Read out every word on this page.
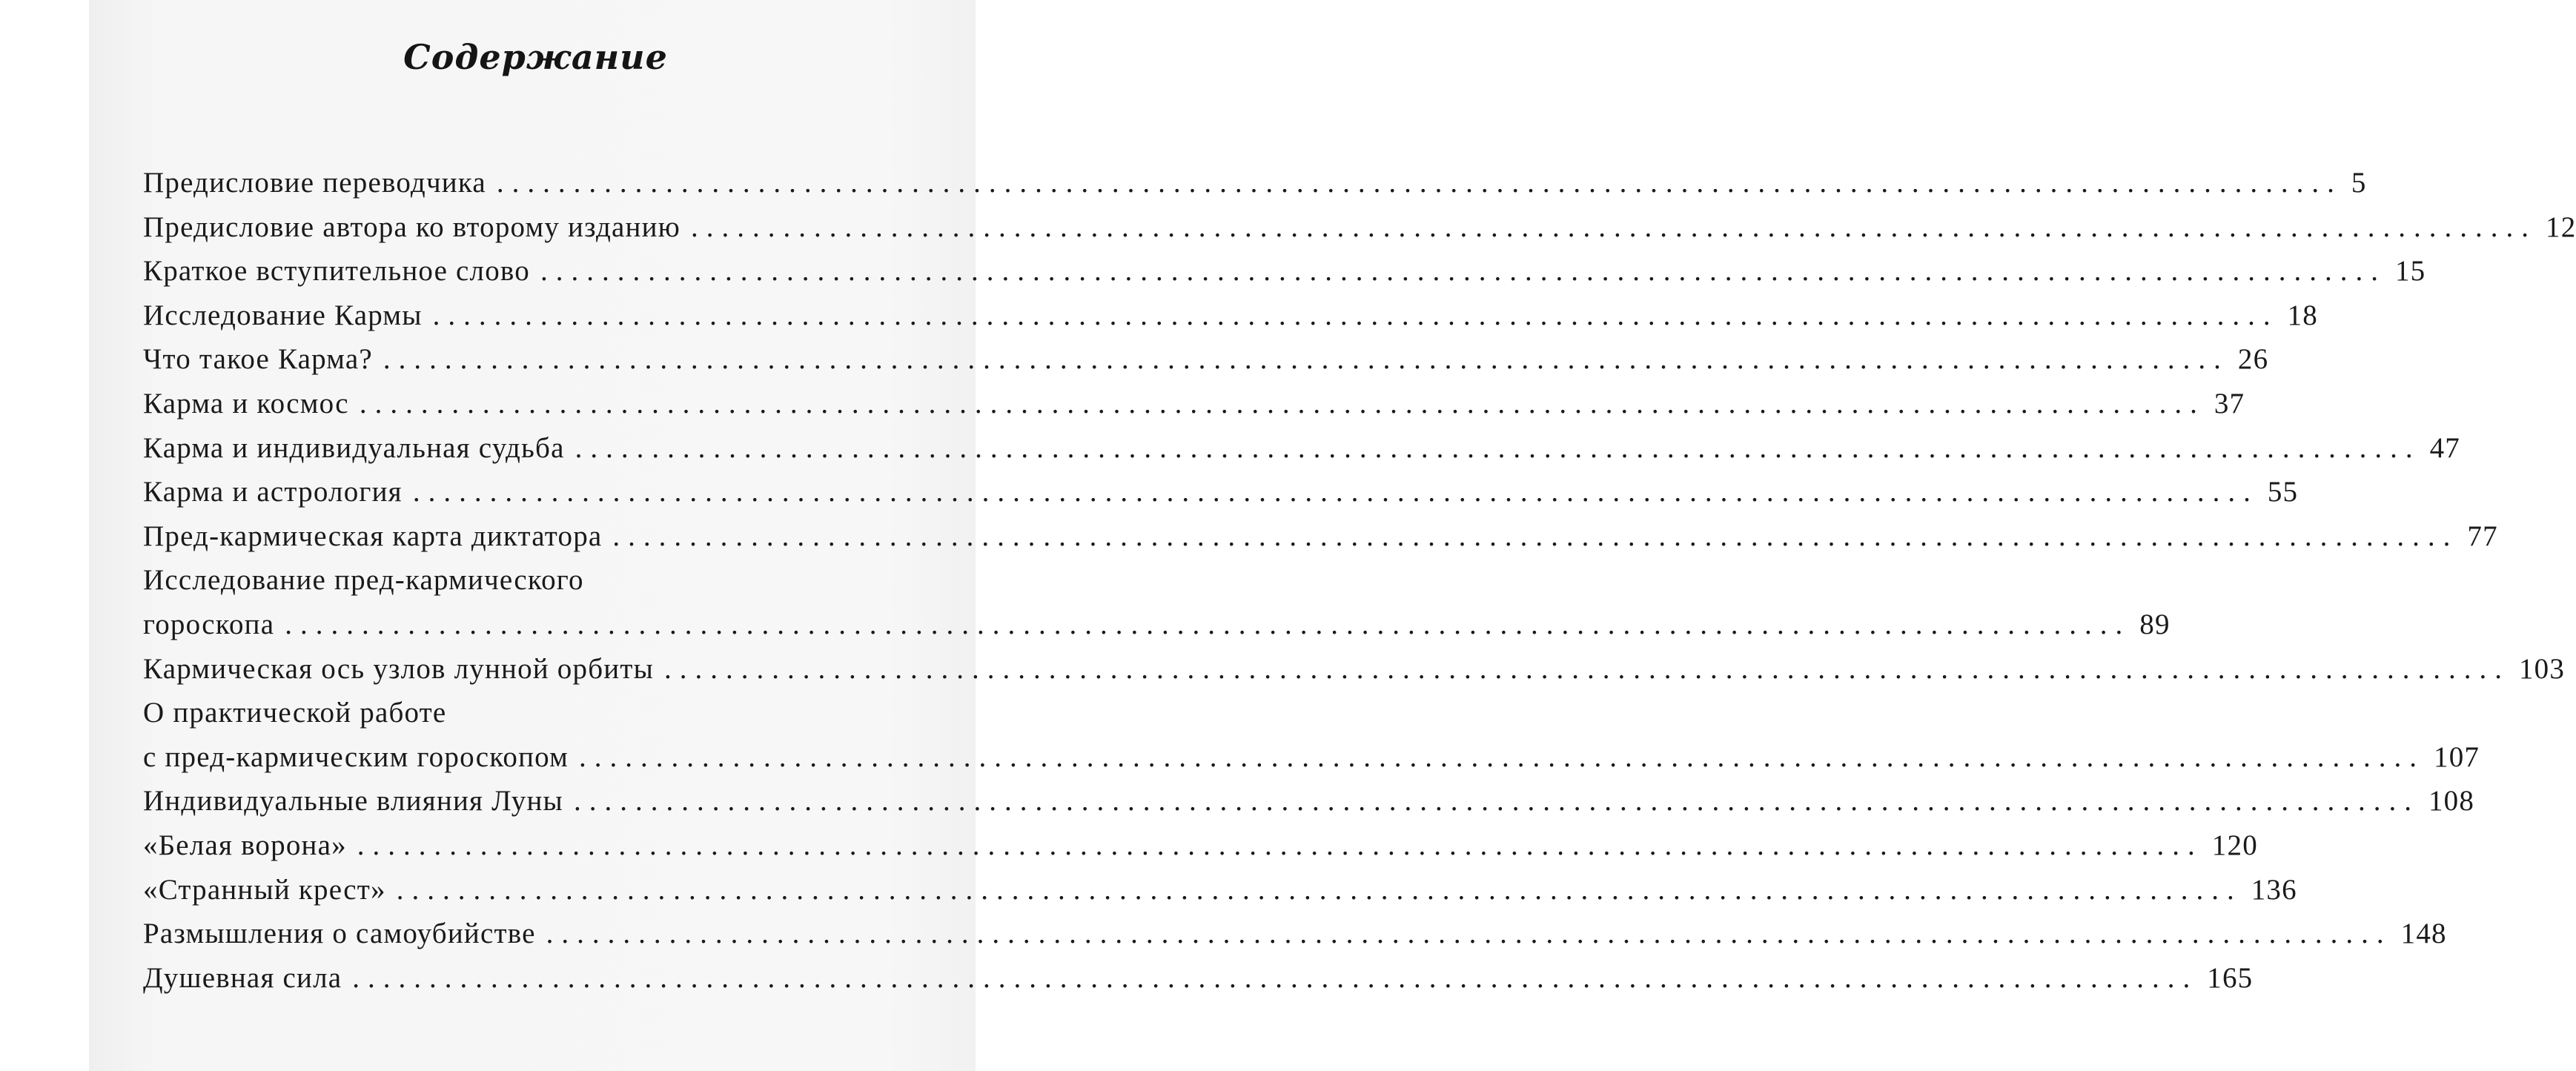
Содержание
Предисловие переводчика ........................................................................................................................ 5
Предисловие автора ко второму изданию ........................................................................................................................ 12
Краткое вступительное слово ........................................................................................................................ 15
Исследование Кармы ........................................................................................................................ 18
Что такое Карма? ........................................................................................................................ 26
Карма и космос ........................................................................................................................ 37
Карма и индивидуальная судьба ........................................................................................................................ 47
Карма и астрология ........................................................................................................................ 55
Пред-кармическая карта диктатора ........................................................................................................................ 77
Исследование пред-кармического
гороскопа ........................................................................................................................ 89
Кармическая ось узлов лунной орбиты ........................................................................................................................ 103
О практической работе
с пред-кармическим гороскопом ........................................................................................................................ 107
Индивидуальные влияния Луны ........................................................................................................................ 108
«Белая ворона» ........................................................................................................................ 120
«Странный крест» ........................................................................................................................ 136
Размышления о самоубийстве ........................................................................................................................ 148
Душевная сила ........................................................................................................................ 165
